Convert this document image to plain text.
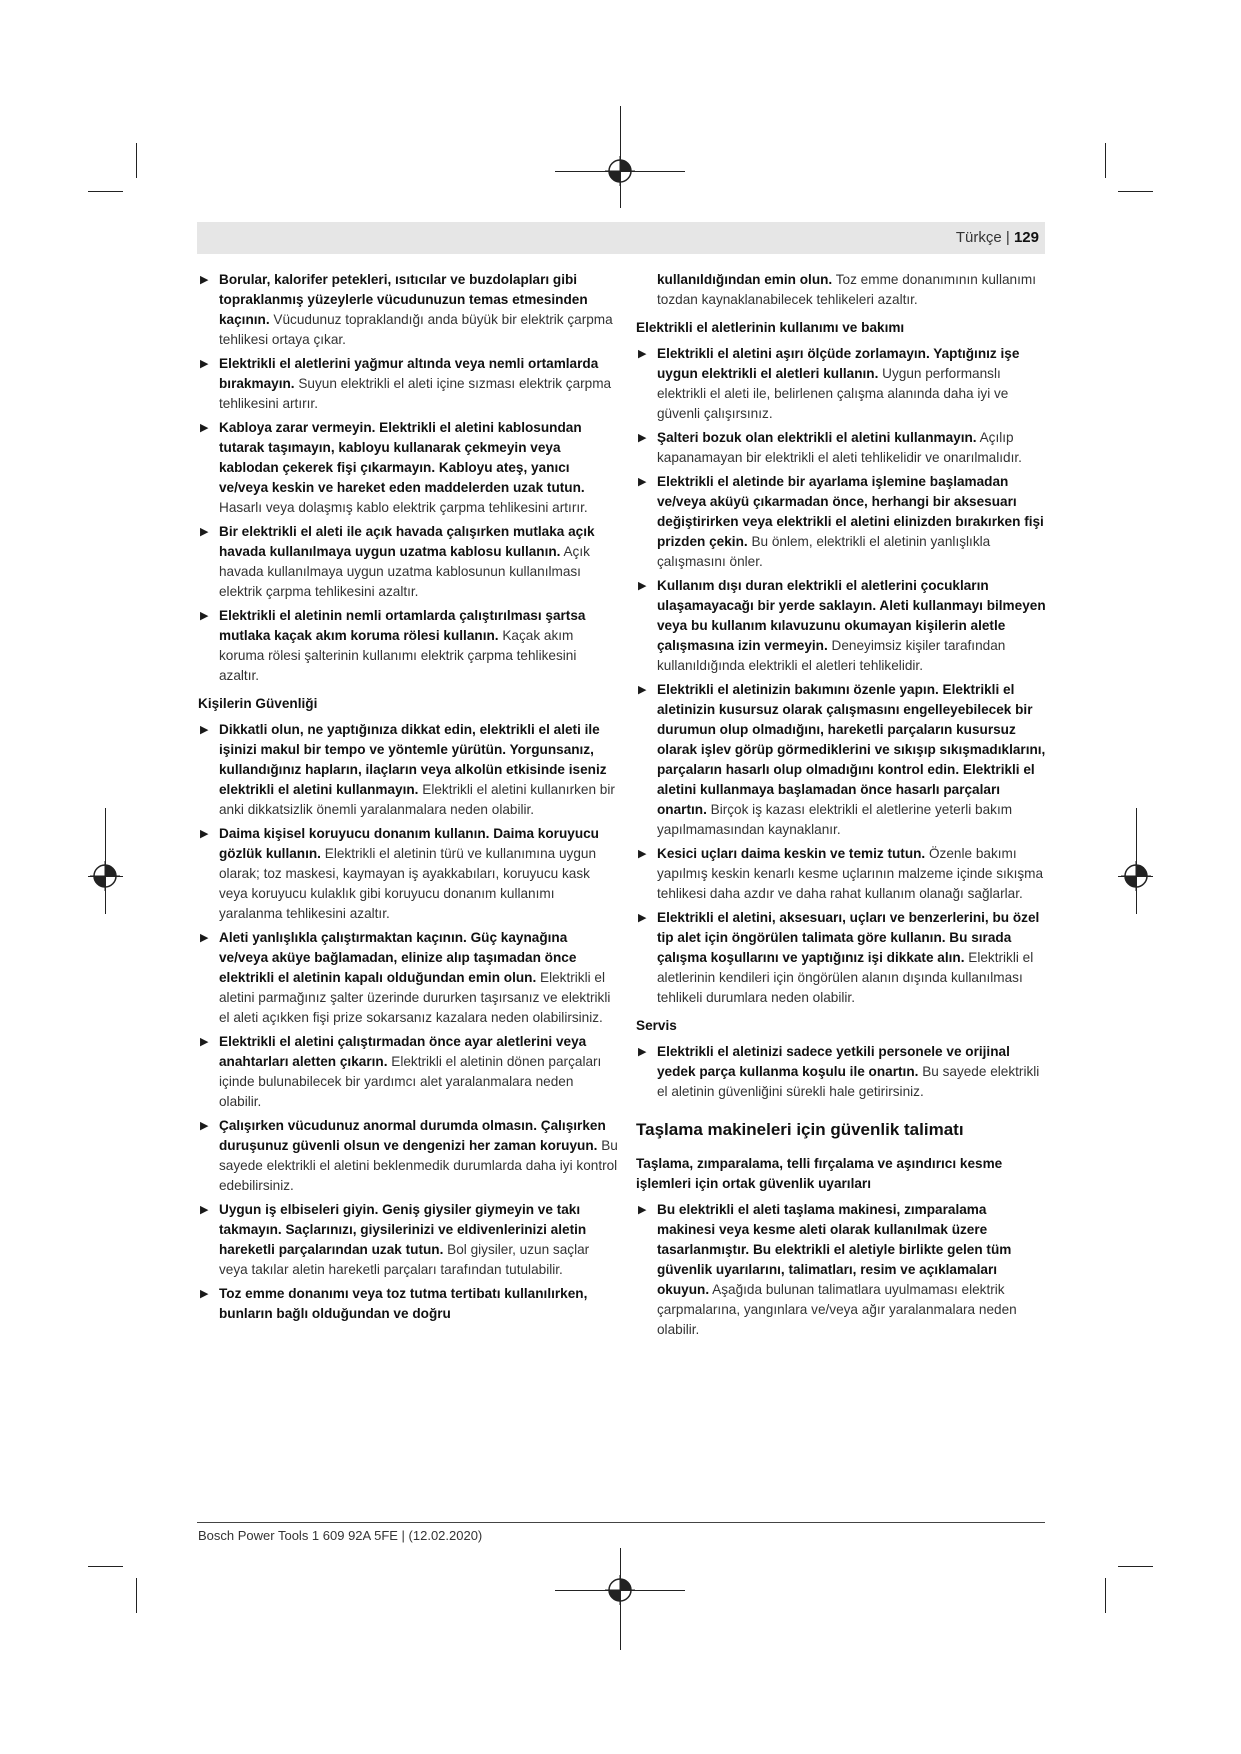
Türkçe | 129
▶ Borular, kalorifer petekleri, ısıtıcılar ve buzdolapları gibi topraklanmış yüzeylerle vücudunuzun temas etmesinden kaçının. Vücudunuz topraklandığı anda büyük bir elektrik çarpma tehlikesi ortaya çıkar.
▶ Elektrikli el aletlerini yağmur altında veya nemli ortamlarda bırakmayın. Suyun elektrikli el aleti içine sızması elektrik çarpma tehlikesini artırır.
▶ Kabloya zarar vermeyin. Elektrikli el aletini kablosundan tutarak taşımayın, kabloyu kullanarak çekmeyin veya kablodan çekerek fişi çıkarmayın. Kabloyu ateş, yanıcı ve/veya keskin ve hareket eden maddelerden uzak tutun. Hasarlı veya dolaşmış kablo elektrik çarpma tehlikesini artırır.
▶ Bir elektrikli el aleti ile açık havada çalışırken mutlaka açık havada kullanılmaya uygun uzatma kablosu kullanın. Açık havada kullanılmaya uygun uzatma kablosunun kullanılması elektrik çarpma tehlikesini azaltır.
▶ Elektrikli el aletinin nemli ortamlarda çalıştırılması şartsa mutlaka kaçak akım koruma rölesi kullanın. Kaçak akım koruma rölesi şalterinin kullanımı elektrik çarpma tehlikesini azaltır.
Kişilerin Güvenliği
▶ Dikkatli olun, ne yaptığınıza dikkat edin, elektrikli el aleti ile işinizi makul bir tempo ve yöntemle yürütün. Yorgunsanız, kullandığınız hapların, ilaçların veya alkolün etkisinde iseniz elektrikli el aletini kullanmayın. Elektrikli el aletini kullanırken bir anki dikkatsizlik önemli yaralanmalara neden olabilir.
▶ Daima kişisel koruyucu donanım kullanın. Daima koruyucu gözlük kullanın. Elektrikli el aletinin türü ve kullanımına uygun olarak; toz maskesi, kaymayan iş ayakkabıları, koruyucu kask veya koruyucu kulaklık gibi koruyucu donanım kullanımı yaralanma tehlikesini azaltır.
▶ Aleti yanlışlıkla çalıştırmaktan kaçının. Güç kaynağına ve/veya aküye bağlamadan, elinize alıp taşımadan önce elektrikli el aletinin kapalı olduğundan emin olun. Elektrikli el aletini parmağınız şalter üzerinde dururken taşırsanız ve elektrikli el aleti açıkken fişi prize sokarsanız kazalara neden olabilirsiniz.
▶ Elektrikli el aletini çalıştırmadan önce ayar aletlerini veya anahtarları aletten çıkarın. Elektrikli el aletinin dönen parçaları içinde bulunabilecek bir yardımcı alet yaralanmalara neden olabilir.
▶ Çalışırken vücudunuz anormal durumda olmasın. Çalışırken duruşunuz güvenli olsun ve dengenizi her zaman koruyun. Bu sayede elektrikli el aletini beklenmedik durumlarda daha iyi kontrol edebilirsiniz.
▶ Uygun iş elbiseleri giyin. Geniş giysiler giymeyin ve takı takmayın. Saçlarınızı, giysilerinizi ve eldivenlerinizi aletin hareketli parçalarından uzak tutun. Bol giysiler, uzun saçlar veya takılar aletin hareketli parçaları tarafından tutulabilir.
▶ Toz emme donanımı veya toz tutma tertibatı kullanılırken, bunların bağlı olduğundan ve doğru
kullanıldığından emin olun. Toz emme donanımının kullanımı tozdan kaynaklanabilecek tehlikeleri azaltır.
Elektrikli el aletlerinin kullanımı ve bakımı
▶ Elektrikli el aletini aşırı ölçüde zorlamayın. Yaptığınız işe uygun elektrikli el aletleri kullanın. Uygun performanslı elektrikli el aleti ile, belirlenen çalışma alanında daha iyi ve güvenli çalışırsınız.
▶ Şalteri bozuk olan elektrikli el aletini kullanmayın. Açılıp kapanamayan bir elektrikli el aleti tehlikelidir ve onarılmalıdır.
▶ Elektrikli el aletinde bir ayarlama işlemine başlamadan ve/veya aküyü çıkarmadan önce, herhangi bir aksesuarı değiştirirken veya elektrikli el aletini elinizden bırakırken fişi prizden çekin. Bu önlem, elektrikli el aletinin yanlışlıkla çalışmasını önler.
▶ Kullanım dışı duran elektrikli el aletlerini çocukların ulaşamayacağı bir yerde saklayın. Aleti kullanmayı bilmeyen veya bu kullanım kılavuzunu okumayan kişilerin aletle çalışmasına izin vermeyin. Deneyimsiz kişiler tarafından kullanıldığında elektrikli el aletleri tehlikelidir.
▶ Elektrikli el aletinizin bakımını özenle yapın. Elektrikli el aletinizin kusursuz olarak çalışmasını engelleyebilecek bir durumun olup olmadığını, hareketli parçaların kusursuz olarak işlev görüp görmediklerini ve sıkışıp sıkışmadıklarını, parçaların hasarlı olup olmadığını kontrol edin. Elektrikli el aletini kullanmaya başlamadan önce hasarlı parçaları onartın. Birçok iş kazası elektrikli el aletlerine yeterli bakım yapılmamasından kaynaklanır.
▶ Kesici uçları daima keskin ve temiz tutun. Özenle bakımı yapılmış keskin kenarlı kesme uçlarının malzeme içinde sıkışma tehlikesi daha azdır ve daha rahat kullanım olanağı sağlarlar.
▶ Elektrikli el aletini, aksesuarı, uçları ve benzerlerini, bu özel tip alet için öngörülen talimata göre kullanın. Bu sırada çalışma koşullarını ve yaptığınız işi dikkate alın. Elektrikli el aletlerinin kendileri için öngörülen alanın dışında kullanılması tehlikeli durumlara neden olabilir.
Servis
▶ Elektrikli el aletinizi sadece yetkili personele ve orijinal yedek parça kullanma koşulu ile onartın. Bu sayede elektrikli el aletinin güvenliğini sürekli hale getirirsiniz.
Taşlama makineleri için güvenlik talimatı
Taşlama, zımparalama, telli fırçalama ve aşındırıcı kesme işlemleri için ortak güvenlik uyarıları
▶ Bu elektrikli el aleti taşlama makinesi, zımparalama makinesi veya kesme aleti olarak kullanılmak üzere tasarlanmıştır. Bu elektrikli el aletiyle birlikte gelen tüm güvenlik uyarılarını, talimatları, resim ve açıklamaları okuyun. Aşağıda bulunan talimatlara uyulmaması elektrik çarpmalarına, yangınlara ve/veya ağır yaralanmalara neden olabilir.
Bosch Power Tools 1 609 92A 5FE | (12.02.2020)
